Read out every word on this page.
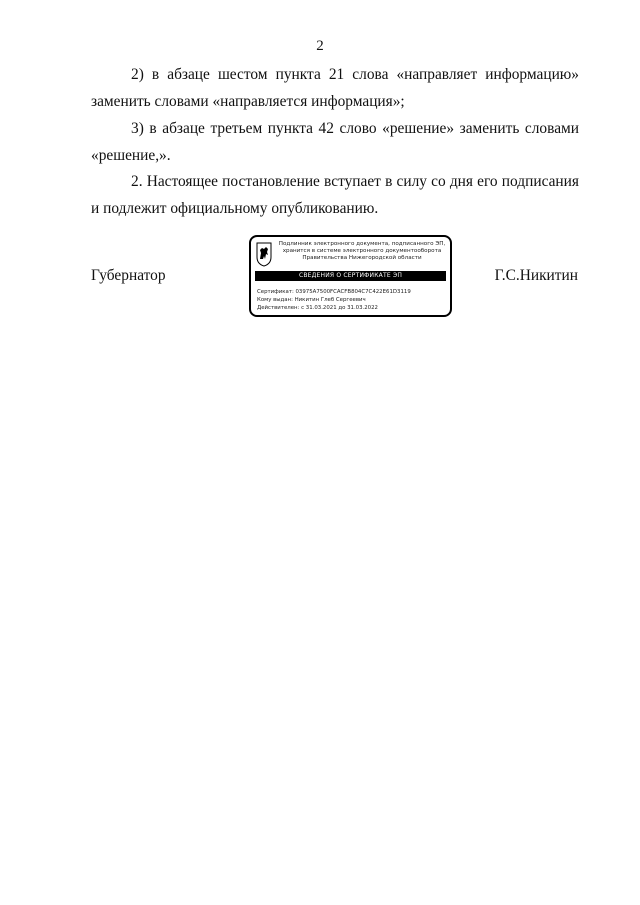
2

2) в абзаце шестом пункта 21 слова «направляет информацию»
заменить словами «направляется информация»;

3) в абзаце третьем пункта 42 слово «решение» заменить словами
«решение,».

2. Настоящее постановление вступает в силу со дня его подписания
и подлежит официальному опубликованию.

Губернатор	Г.С.Никитин
Подлинник электронного документа, подписанного ЭП,
хранится в системе электронного документооборота
Правительства Нижегородской области
СВЕДЕНИЯ О СЕРТИФИКАТЕ ЭП
Сертификат: 03975A7500FCACFB804C7C422E61D3119
Кому выдан: Никитин Глеб Сергеевич
Действителен: с 31.03.2021 до 31.03.2022
